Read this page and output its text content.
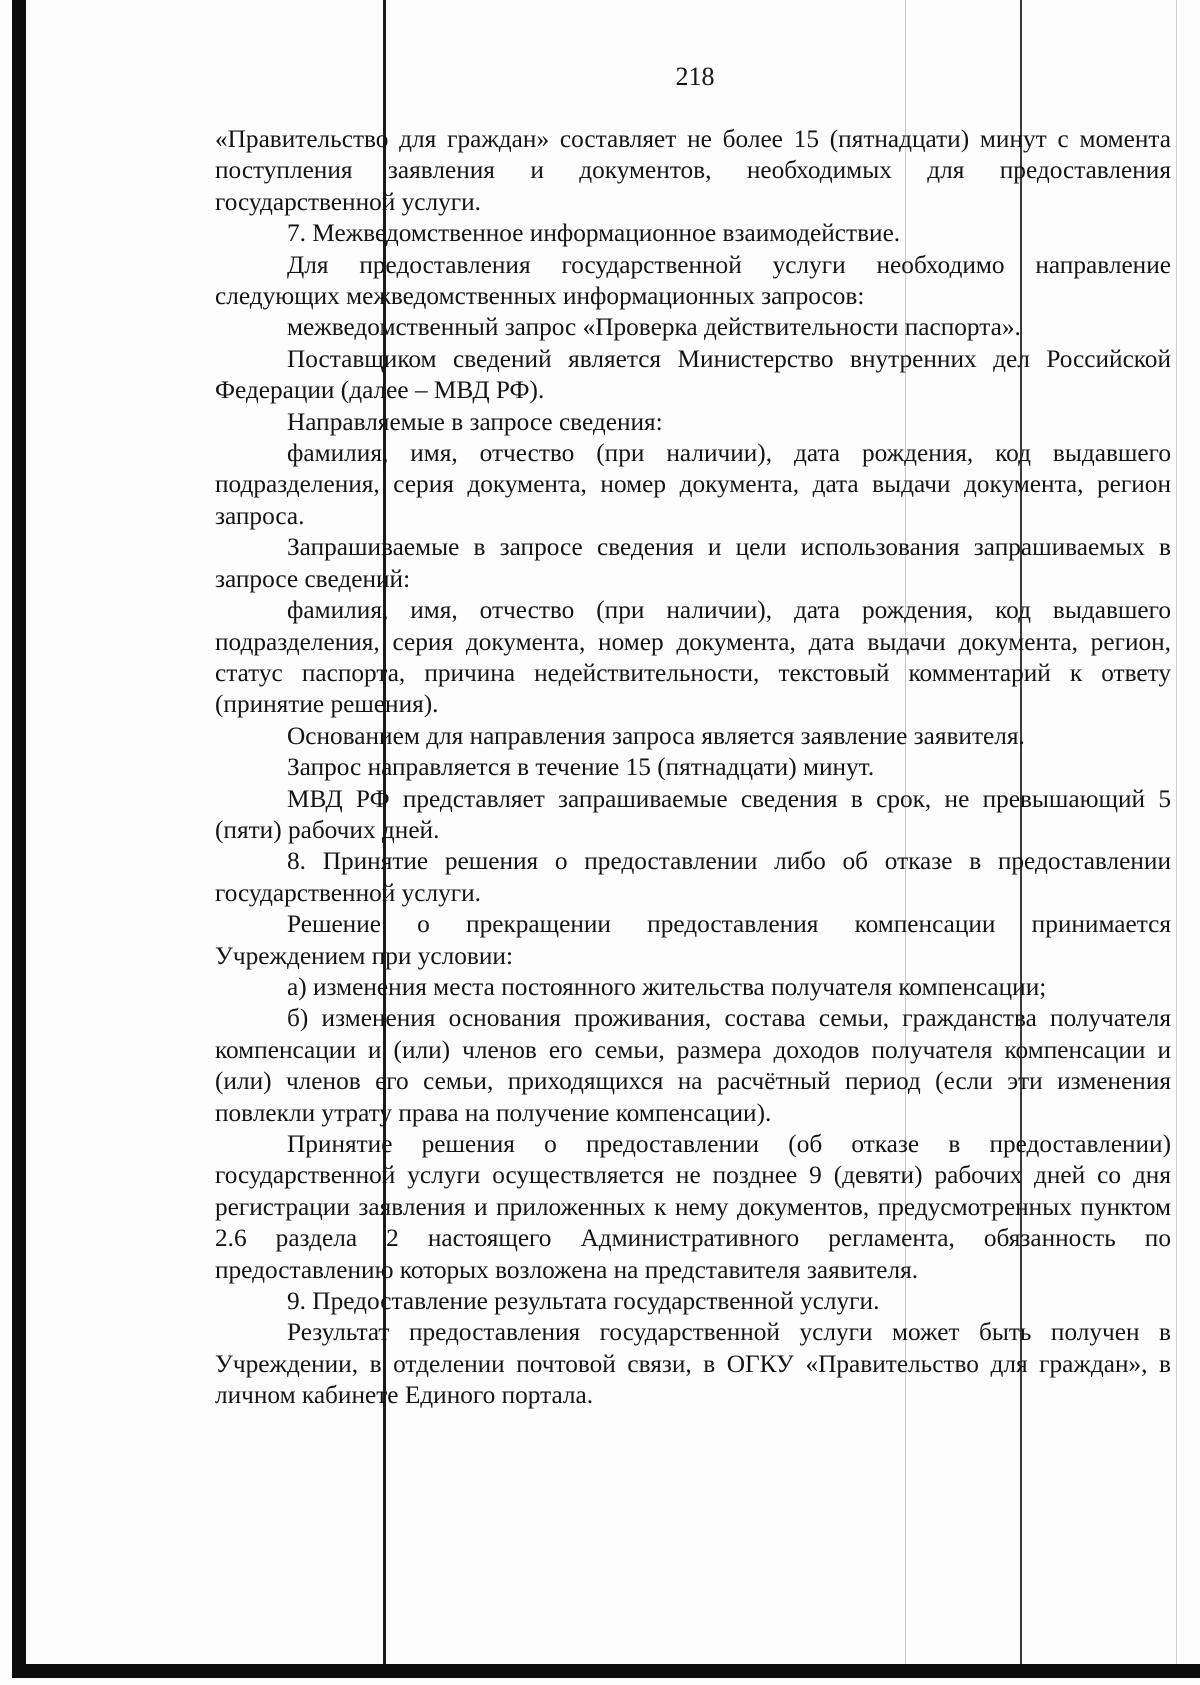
218

«Правительство для граждан» составляет не более 15 (пятнадцати) минут с момента поступления заявления и документов, необходимых для предоставления государственной услуги.

7. Межведомственное информационное взаимодействие.

Для предоставления государственной услуги необходимо направление следующих межведомственных информационных запросов:

межведомственный запрос «Проверка действительности паспорта».

Поставщиком сведений является Министерство внутренних дел Российской Федерации (далее – МВД РФ).

Направляемые в запросе сведения:

фамилия, имя, отчество (при наличии), дата рождения, код выдавшего подразделения, серия документа, номер документа, дата выдачи документа, регион запроса.

Запрашиваемые в запросе сведения и цели использования запрашиваемых в запросе сведений:

фамилия, имя, отчество (при наличии), дата рождения, код выдавшего подразделения, серия документа, номер документа, дата выдачи документа, регион, статус паспорта, причина недействительности, текстовый комментарий к ответу (принятие решения).

Основанием для направления запроса является заявление заявителя.

Запрос направляется в течение 15 (пятнадцати) минут.

МВД РФ представляет запрашиваемые сведения в срок, не превышающий 5 (пяти) рабочих дней.

8. Принятие решения о предоставлении либо об отказе в предоставлении государственной услуги.

Решение о прекращении предоставления компенсации принимается Учреждением при условии:

а) изменения места постоянного жительства получателя компенсации;

б) изменения основания проживания, состава семьи, гражданства получателя компенсации и (или) членов его семьи, размера доходов получателя компенсации и (или) членов его семьи, приходящихся на расчётный период (если эти изменения повлекли утрату права на получение компенсации).

Принятие решения о предоставлении (об отказе в предоставлении) государственной услуги осуществляется не позднее 9 (девяти) рабочих дней со дня регистрации заявления и приложенных к нему документов, предусмотренных пунктом 2.6 раздела 2 настоящего Административного регламента, обязанность по предоставлению которых возложена на представителя заявителя.

9. Предоставление результата государственной услуги.

Результат предоставления государственной услуги может быть получен в Учреждении, в отделении почтовой связи, в ОГКУ «Правительство для граждан», в личном кабинете Единого портала.
